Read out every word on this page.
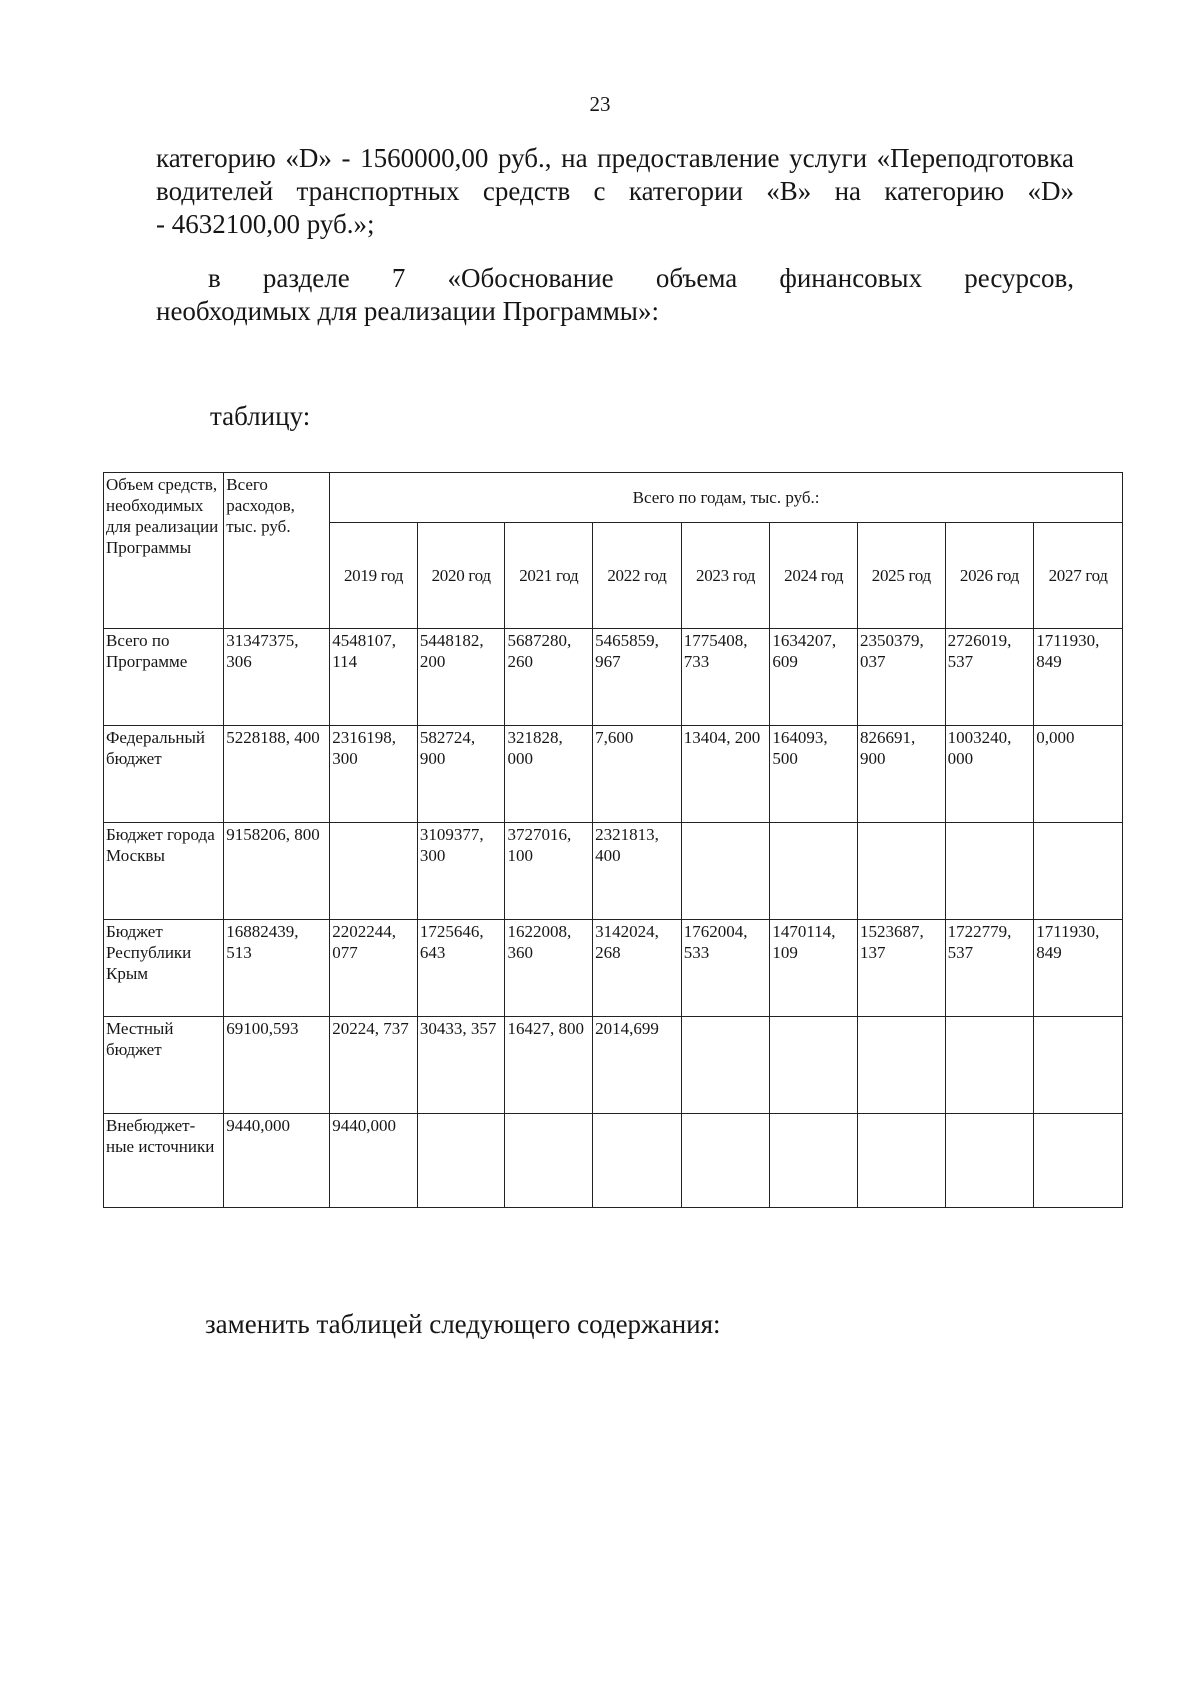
23
категорию «D» - 1560000,00 руб., на предоставление услуги «Переподготовка
водителей транспортных средств с категории «В» на категорию «D»
- 4632100,00 руб.»;
в разделе 7 «Обоснование объема финансовых ресурсов,
необходимых для реализации Программы»:
таблицу:
Объем средств, необходимых для реализации Программы	Всего расходов, тыс. руб.	Всего по годам, тыс. руб.:								
		2019 год	2020 год	2021 год	2022 год	2023 год	2024 год	2025 год	2026 год	2027 год
Всего по Программе	31347375, 306	4548107, 114	5448182, 200	5687280, 260	5465859, 967	1775408, 733	1634207, 609	2350379, 037	2726019, 537	1711930, 849
Федеральный бюджет	5228188, 400	2316198, 300	582724, 900	321828, 000	7,600	13404, 200	164093, 500	826691, 900	1003240, 000	0,000
Бюджет города Москвы	9158206, 800		3109377, 300	3727016, 100	2321813, 400					
Бюджет Республики Крым	16882439, 513	2202244, 077	1725646, 643	1622008, 360	3142024, 268	1762004, 533	1470114, 109	1523687, 137	1722779, 537	1711930, 849
Местный бюджет	69100,593	20224, 737	30433, 357	16427, 800	2014,699					
Внебюджет-ные источники	9440,000	9440,000								
заменить таблицей следующего содержания:
